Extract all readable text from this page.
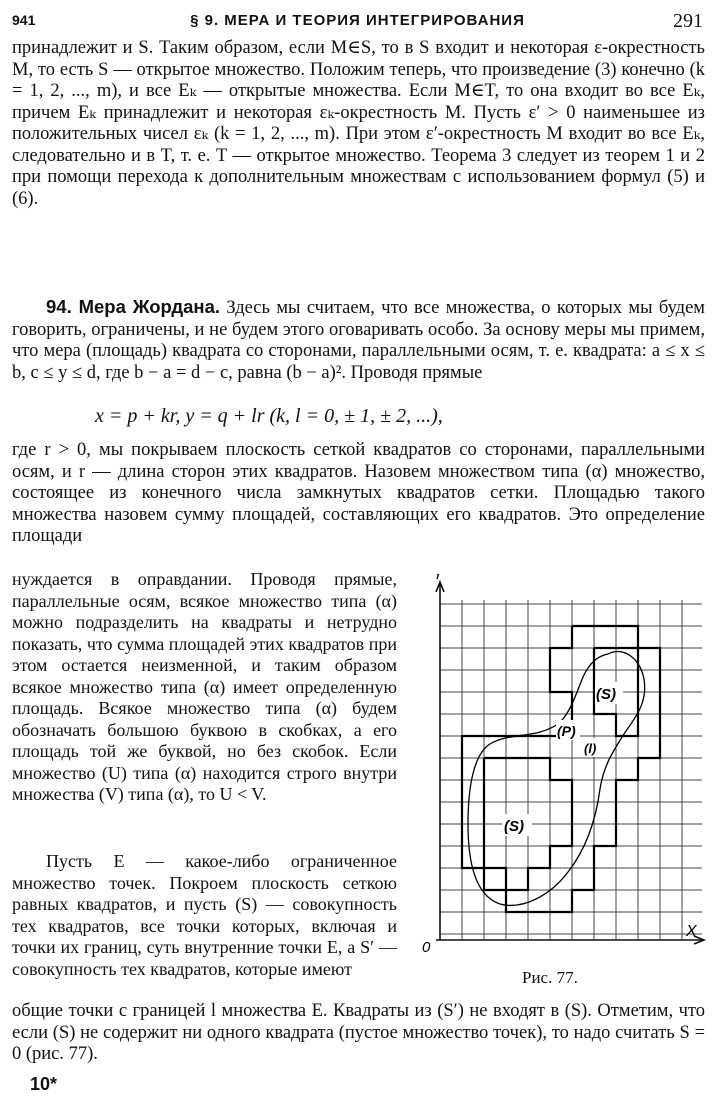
941	§ 9. МЕРА И ТЕОРИЯ ИНТЕГРИРОВАНИЯ	291
принадлежит и S. Таким образом, если M∈S, то в S входит и некоторая ε-окрестность M, то есть S — открытое множество. Положим теперь, что произведение (3) конечно (k = 1, 2, ..., m), и все Eₖ — открытые множества. Если M∈T, то она входит во все Eₖ, причем Eₖ принадлежит и некоторая εₖ-окрестность M. Пусть ε′ > 0 наименьшее из положительных чисел εₖ (k = 1, 2, ..., m). При этом ε′-окрестность M входит во все Eₖ, следовательно и в T, т. е. T — открытое множество. Теорема 3 следует из теорем 1 и 2 при помощи перехода к дополнительным множествам с использованием формул (5) и (6).
94. Мера Жордана. Здесь мы считаем, что все множества, о которых мы будем говорить, ограничены, и не будем этого оговаривать особо. За основу меры мы примем, что мера (площадь) квадрата со сторонами, параллельными осям, т. е. квадрата: a ≤ x ≤ b, c ≤ y ≤ d, где b − a = d − c, равна (b − a)². Проводя прямые
x = p + kr, y = q + lr (k, l = 0, ± 1, ± 2, ...),
где r > 0, мы покрываем плоскость сеткой квадратов со сторонами, параллельными осям, и r — длина сторон этих квадратов. Назовем множеством типа (α) множество, состоящее из конечного числа замкнутых квадратов сетки. Площадью такого множества назовем сумму площадей, составляющих его квадратов. Это определение площади
нуждается в оправдании. Проводя прямые, параллельные осям, всякое множество типа (α) можно подразделить на квадраты и нетрудно показать, что сумма площадей этих квадратов при этом остается неизменной, и таким образом всякое множество типа (α) имеет определенную площадь. Всякое множество типа (α) будем обозначать большою буквою в скобках, а его площадь той же буквой, но без скобок. Если множество (U) типа (α) находится строго внутри множества (V) типа (α), то U < V.
Пусть E — какое-либо ограниченное множество точек. Покроем плоскость сеткою равных квадратов, и пусть (S) — совокупность тех квадратов, все точки которых, включая и точки их границ, суть внутренние точки E, а S′ — совокупность тех квадратов, которые имеют
общие точки с границей l множества E. Квадраты из (S′) не входят в (S). Отметим, что если (S) не содержит ни одного квадрата (пустое множество точек), то надо считать S = 0 (рис. 77).
Y
X
0
(S)
(P)
(l)
(S)
Рис. 77.
10*
